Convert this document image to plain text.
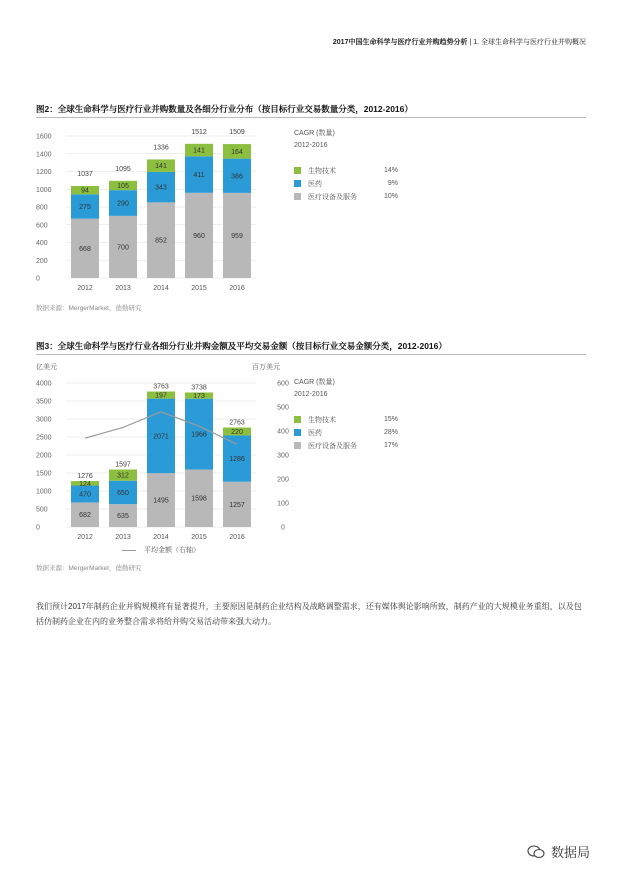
2017中国生命科学与医疗行业并购趋势分析 | 1. 全球生命科学与医疗行业并购概况
图2：全球生命科学与医疗行业并购数量及各细分行业分布（按目标行业交易数量分类，2012-2016）
0
200
400
600
800
1000
1200
1400
1600
668
275
94
1037
2012
700
290
105
1095
2013
852
343
141
1336
2014
960
411
141
1512
2015
959
386
164
1509
2016
CAGR (数量)
2012-2016
生物技术	14%
医药	9%
医疗设备及服务	10%
数据来源：MergerMarket，德勤研究
图3：全球生命科学与医疗行业各细分行业并购金额及平均交易金额（按目标行业交易金额分类，2012-2016）
亿美元	百万美元
0
500
1000
1500
2000
2500
3000
3500
4000
0
100
200
300
400
500
600
682
470
124
1276
2012
635
650
312
1597
2013
1495
2071
197
3763
2014
1598
1966
173
3738
2015
1257
1286
220
2763
2016
平均金额（右轴）
CAGR (数量)
2012-2016
生物技术	15%
医药	28%
医疗设备及服务	17%
数据来源：MergerMarket，德勤研究
我们预计2017年制药企业并购规模将有显著提升，主要原因是制药企业结构及战略调整需求，还有媒体舆论影响所致，制药产业的大规模业务重组，以及包括仿制药企业在内的业务整合需求将给并购交易活动带来强大动力。
数据局
